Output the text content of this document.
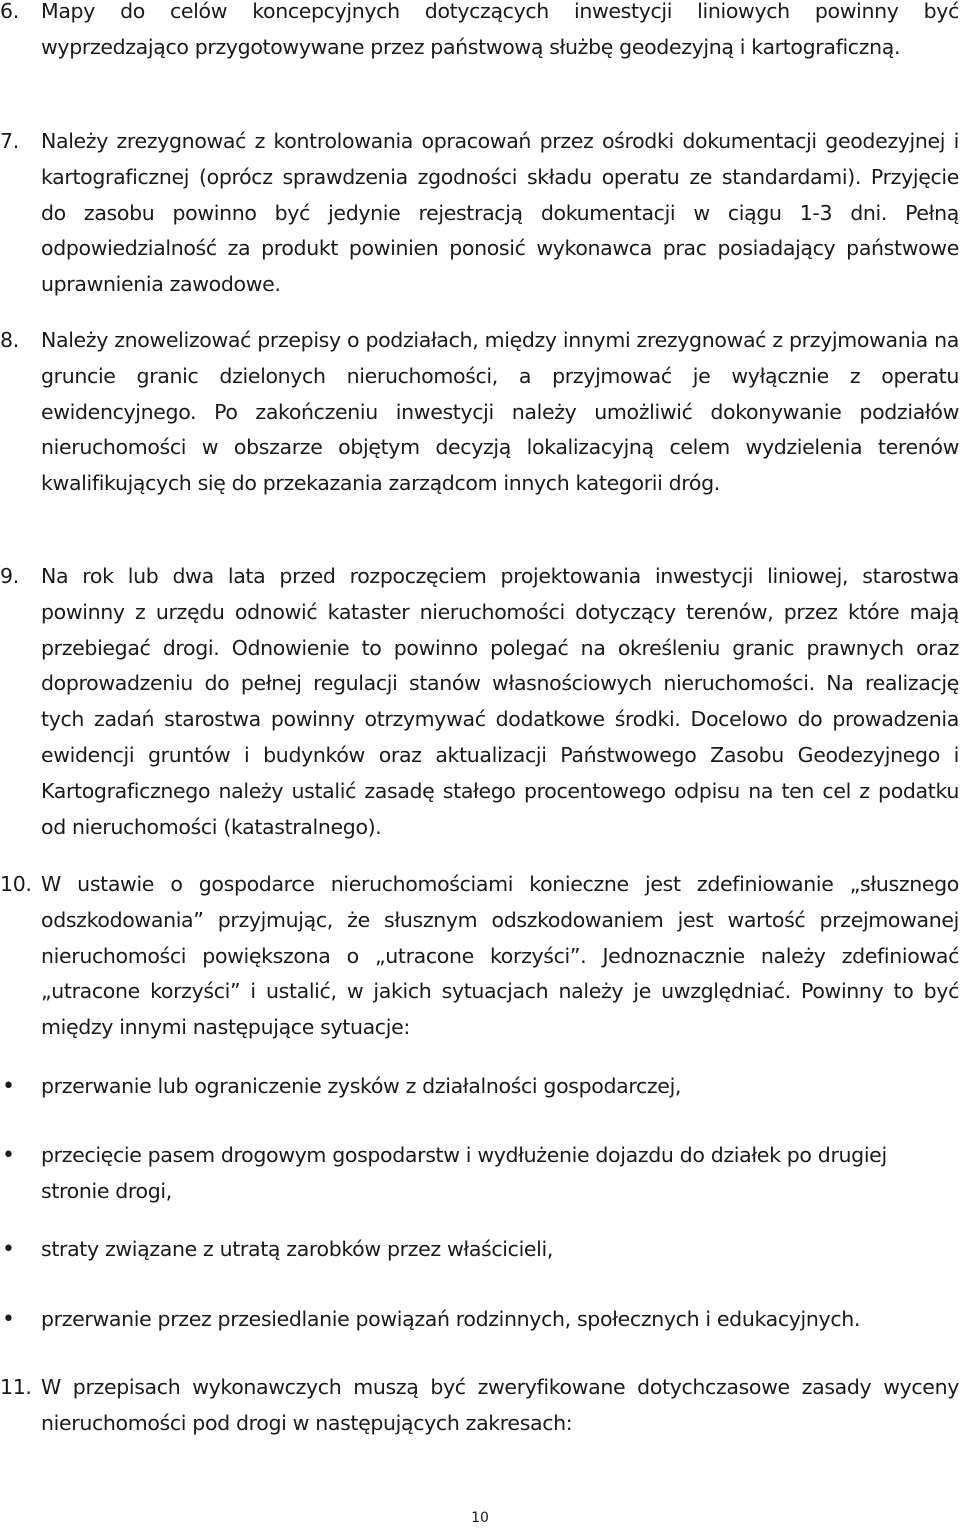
6.	Mapy do celów koncepcyjnych dotyczących inwestycji liniowych powinny być wyprzedzająco przygotowywane przez państwową służbę geodezyjną i kartograficzną.
7.	Należy zrezygnować z kontrolowania opracowań przez ośrodki dokumentacji geodezyjnej i kartograficznej (oprócz sprawdzenia zgodności składu operatu ze standardami). Przyjęcie do zasobu powinno być jedynie rejestracją dokumentacji w ciągu 1-3 dni. Pełną odpowiedzialność za produkt powinien ponosić wykonawca prac posiadający państwowe uprawnienia zawodowe.
8.	Należy znowelizować przepisy o podziałach, między innymi zrezygnować z przyjmowania na gruncie granic dzielonych nieruchomości, a przyjmować je wyłącznie z operatu ewidencyjnego. Po zakończeniu inwestycji należy umożliwić dokonywanie podziałów nieruchomości w obszarze objętym decyzją lokalizacyjną celem wydzielenia terenów kwalifikujących się do przekazania zarządcom innych kategorii dróg.
9.	Na rok lub dwa lata przed rozpoczęciem projektowania inwestycji liniowej, starostwa powinny z urzędu odnowić kataster nieruchomości dotyczący terenów, przez które mają przebiegać drogi. Odnowienie to powinno polegać na określeniu granic prawnych oraz doprowadzeniu do pełnej regulacji stanów własnościowych nieruchomości. Na realizację tych zadań starostwa powinny otrzymywać dodatkowe środki. Docelowo do prowadzenia ewidencji gruntów i budynków oraz aktualizacji Państwowego Zasobu Geodezyjnego i Kartograficznego należy ustalić zasadę stałego procentowego odpisu na ten cel z podatku od nieruchomości (katastralnego).
10. W ustawie o gospodarce nieruchomościami konieczne jest zdefiniowanie „słusznego odszkodowania” przyjmując, że słusznym odszkodowaniem jest wartość przejmowanej nieruchomości powiększona o „utracone korzyści”. Jednoznacznie należy zdefiniować „utracone korzyści” i ustalić, w jakich sytuacjach należy je uwzględniać. Powinny to być między innymi następujące sytuacje:
•	przerwanie lub ograniczenie zysków z działalności gospodarczej,
•	przecięcie pasem drogowym gospodarstw i wydłużenie dojazdu do działek po drugiej stronie drogi,
•	straty związane z utratą zarobków przez właścicieli,
•	przerwanie przez przesiedlanie powiązań rodzinnych, społecznych i edukacyjnych.
11. W przepisach wykonawczych muszą być zweryfikowane dotychczasowe zasady wyceny nieruchomości pod drogi w następujących zakresach:
10
